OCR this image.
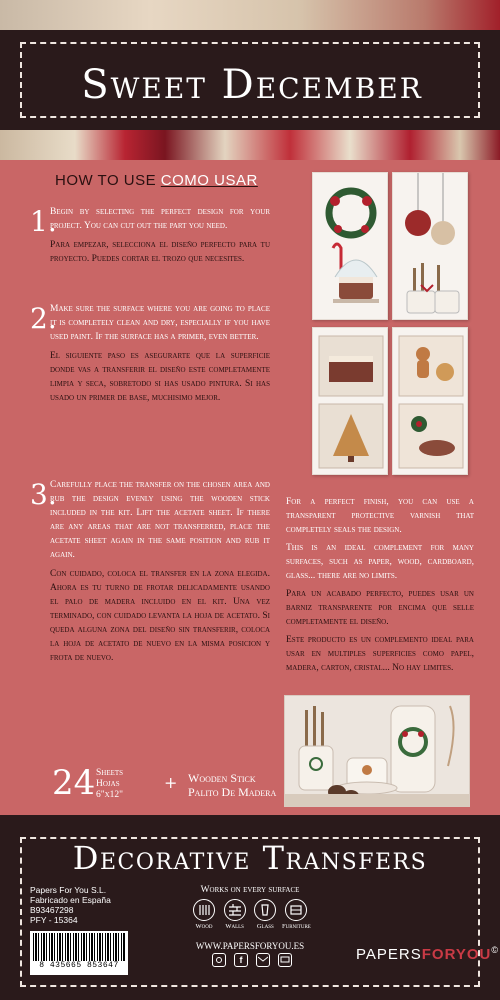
Sweet December
HOW TO USE COMO USAR
1.

Begin by selecting the perfect design for your project. You can cut out the part you need.

Para empezar, selecciona el diseño perfecto para tu proyecto. Puedes cortar el trozo que necesites.

2.

Make sure the surface where you are going to place it is completely clean and dry, especially if you have used paint. If the surface has a primer, even better.

El siguiente paso es asegurarte que la superficie donde vas a transferir el diseño este completamente limpia y seca, sobretodo si has usado pintura. Si has usado un primer de base, muchisimo mejor.

3.

Carefully place the transfer on the chosen area and rub the design evenly using the wooden stick included in the kit. Lift the acetate sheet. If there are any areas that are not transferred, place the acetate sheet again in the same position and rub it again.

Con cuidado, coloca el transfer en la zona elegida. Ahora es tu turno de frotar delicadamente usando el palo de madera incluido en el kit. Una vez terminado, con cuidado levanta la hoja de acetato. Si queda alguna zona del diseño sin transferir, coloca la hoja de acetato de nuevo en la misma posicion y frota de nuevo.

For a perfect finish, you can use a transparent protective varnish that completely seals the design.

This is an ideal complement for many surfaces, such as paper, wood, cardboard, glass... there are no limits.

Para un acabado perfecto, puedes usar un barniz transparente por encima que selle completamente el diseño.

Este producto es un complemento ideal para usar en multiples superficies como papel, madera, carton, cristal... No hay limites.

24 Sheets
Hojas
6"x12"
+ Wooden Stick
Palito De Madera
Decorative Transfers
Papers For You S.L.
Fabricado en España
B93467298
PFY - 15364
8 435665 853647
Works on every surface
Wood	Walls	Glass	Furniture
WWW.PAPERSFORYOU.ES
f	PAPERSFORYOU©
